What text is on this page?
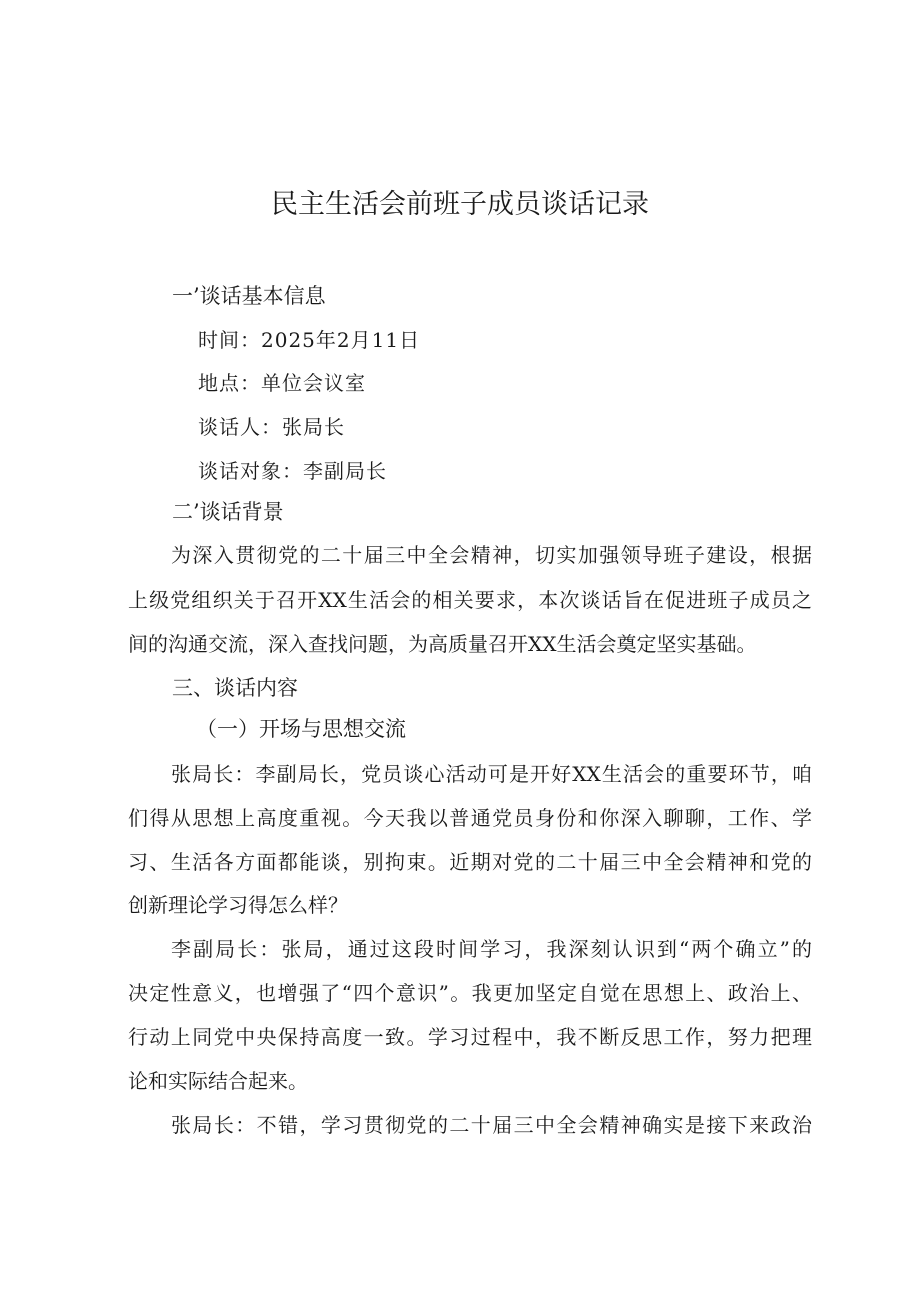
民主生活会前班子成员谈话记录
一’谈话基本信息
时间：2025年2月11日
地点：单位会议室
谈话人：张局长
谈话对象：李副局长
二’谈话背景
为深入贯彻党的二十届三中全会精神，切实加强领导班子建设，根据
上级党组织关于召开XX生活会的相关要求，本次谈话旨在促进班子成员之
间的沟通交流，深入查找问题，为高质量召开XX生活会奠定坚实基础。
三、谈话内容
（一）开场与思想交流
张局长：李副局长，党员谈心活动可是开好XX生活会的重要环节，咱
们得从思想上高度重视。今天我以普通党员身份和你深入聊聊，工作、学
习、生活各方面都能谈，别拘束。近期对党的二十届三中全会精神和党的
创新理论学习得怎么样？
李副局长：张局，通过这段时间学习，我深刻认识到“两个确立”的
决定性意义，也增强了“四个意识”。我更加坚定自觉在思想上、政治上、
行动上同党中央保持高度一致。学习过程中，我不断反思工作，努力把理
论和实际结合起来。
张局长：不错，学习贯彻党的二十届三中全会精神确实是接下来政治
